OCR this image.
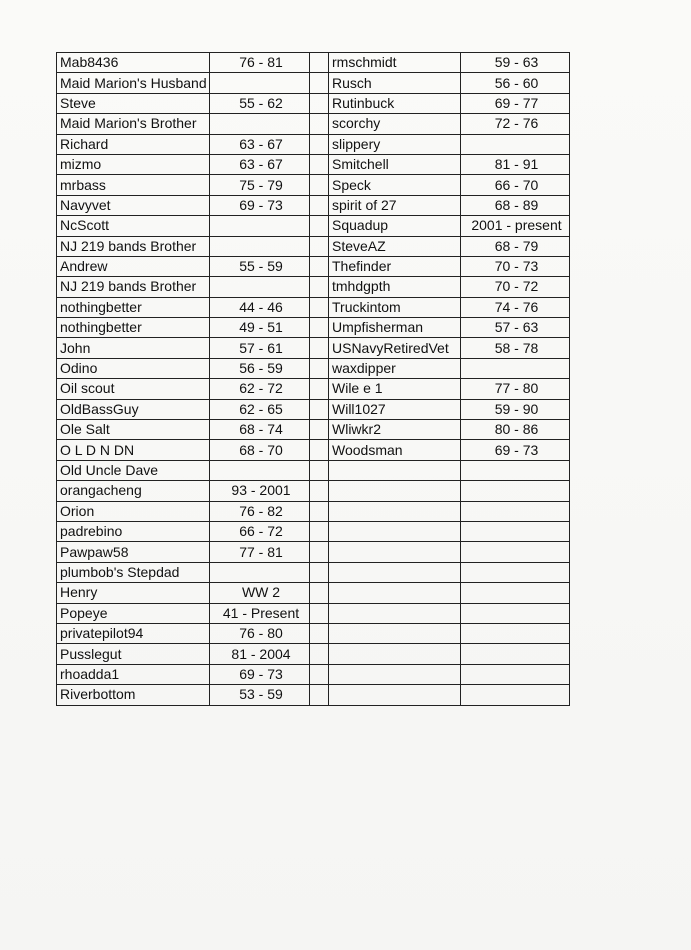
Mab8436	76 - 81		rmschmidt	59 - 63
Maid Marion's Husband			Rusch	56 - 60
Steve	55 - 62		Rutinbuck	69 - 77
Maid Marion's Brother			scorchy	72 - 76
Richard	63 - 67		slippery	
mizmo	63 - 67		Smitchell	81 - 91
mrbass	75 - 79		Speck	66 - 70
Navyvet	69 - 73		spirit of 27	68 - 89
NcScott			Squadup	2001 - present
NJ 219 bands Brother			SteveAZ	68 - 79
Andrew	55 - 59		Thefinder	70 - 73
NJ 219 bands Brother			tmhdgpth	70 - 72
nothingbetter	44 - 46		Truckintom	74 - 76
nothingbetter	49 - 51		Umpfisherman	57 - 63
John	57 - 61		USNavyRetiredVet	58 - 78
Odino	56 - 59		waxdipper	
Oil scout	62 - 72		Wile e 1	77 - 80
OldBassGuy	62 - 65		Will1027	59 - 90
Ole Salt	68 - 74		Wliwkr2	80 - 86
O L D N DN	68 - 70		Woodsman	69 - 73
Old Uncle Dave				
orangacheng	93 - 2001			
Orion	76 - 82			
padrebino	66 - 72			
Pawpaw58	77 - 81			
plumbob's Stepdad				
Henry	WW 2			
Popeye	41 - Present			
privatepilot94	76 - 80			
Pusslegut	81 - 2004			
rhoadda1	69 - 73			
Riverbottom	53 - 59			
